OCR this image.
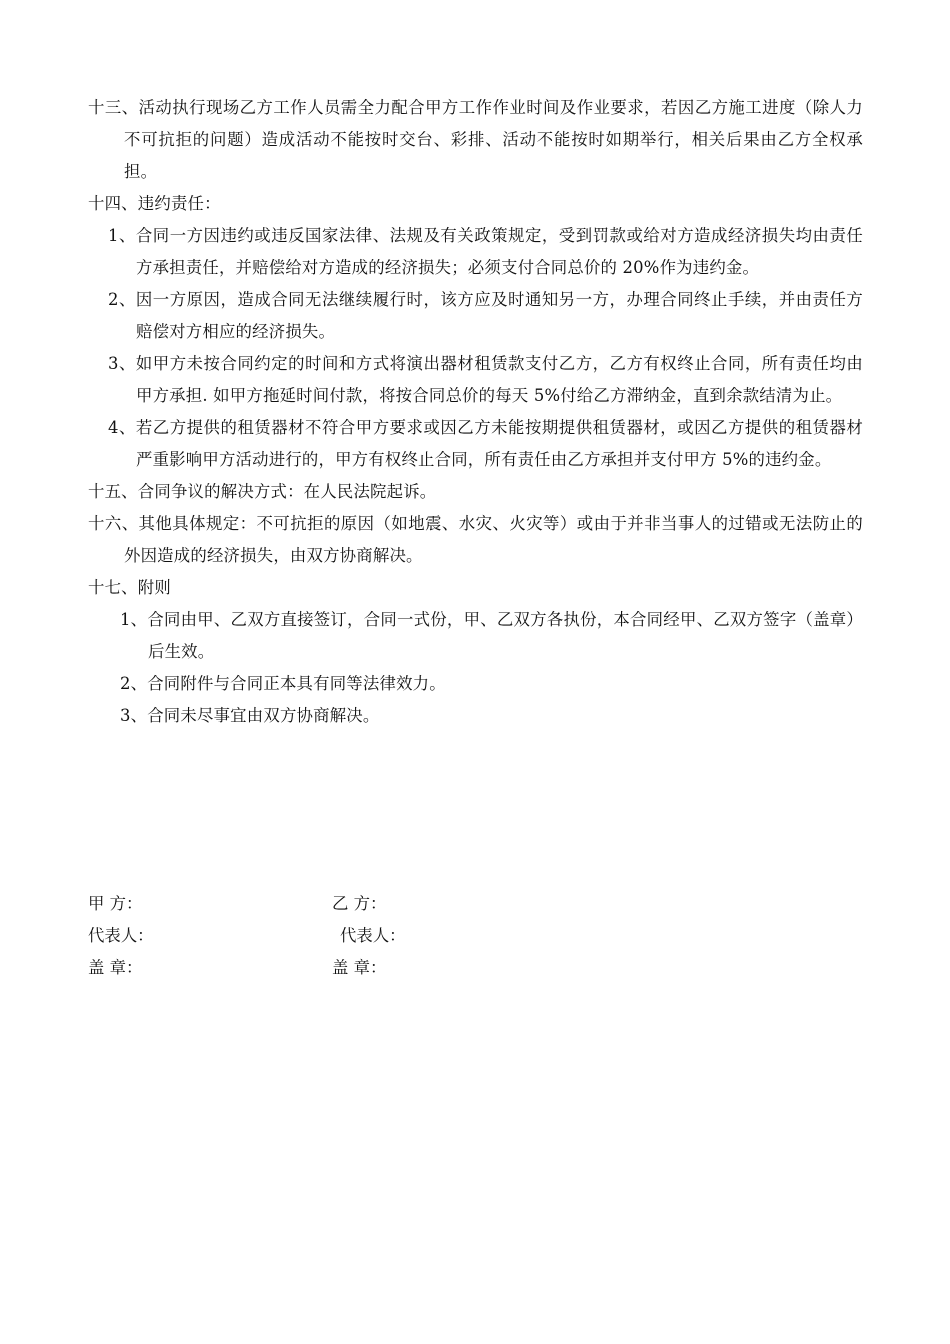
十三、活动执行现场乙方工作人员需全力配合甲方工作作业时间及作业要求，若因乙方施工进度（除人力不可抗拒的问题）造成活动不能按时交台、彩排、活动不能按时如期举行，相关后果由乙方全权承担。

十四、违约责任：

1、合同一方因违约或违反国家法律、法规及有关政策规定，受到罚款或给对方造成经济损失均由责任方承担责任，并赔偿给对方造成的经济损失；必须支付合同总价的 20%作为违约金。

2、因一方原因，造成合同无法继续履行时，该方应及时通知另一方，办理合同终止手续，并由责任方赔偿对方相应的经济损失。

3、如甲方未按合同约定的时间和方式将演出器材租赁款支付乙方，乙方有权终止合同，所有责任均由甲方承担. 如甲方拖延时间付款，将按合同总价的每天 5%付给乙方滞纳金，直到余款结清为止。

4、若乙方提供的租赁器材不符合甲方要求或因乙方未能按期提供租赁器材，或因乙方提供的租赁器材严重影响甲方活动进行的，甲方有权终止合同，所有责任由乙方承担并支付甲方 5%的违约金。

十五、合同争议的解决方式：在人民法院起诉。

十六、其他具体规定：不可抗拒的原因（如地震、水灾、火灾等）或由于并非当事人的过错或无法防止的外因造成的经济损失，由双方协商解决。

十七、附则

1、合同由甲、乙双方直接签订，合同一式份，甲、乙双方各执份，本合同经甲、乙双方签字（盖章）后生效。

2、合同附件与合同正本具有同等法律效力。

3、合同未尽事宜由双方协商解决。

甲 方：	乙 方：
代表人：	代表人：
盖 章：	盖 章：
